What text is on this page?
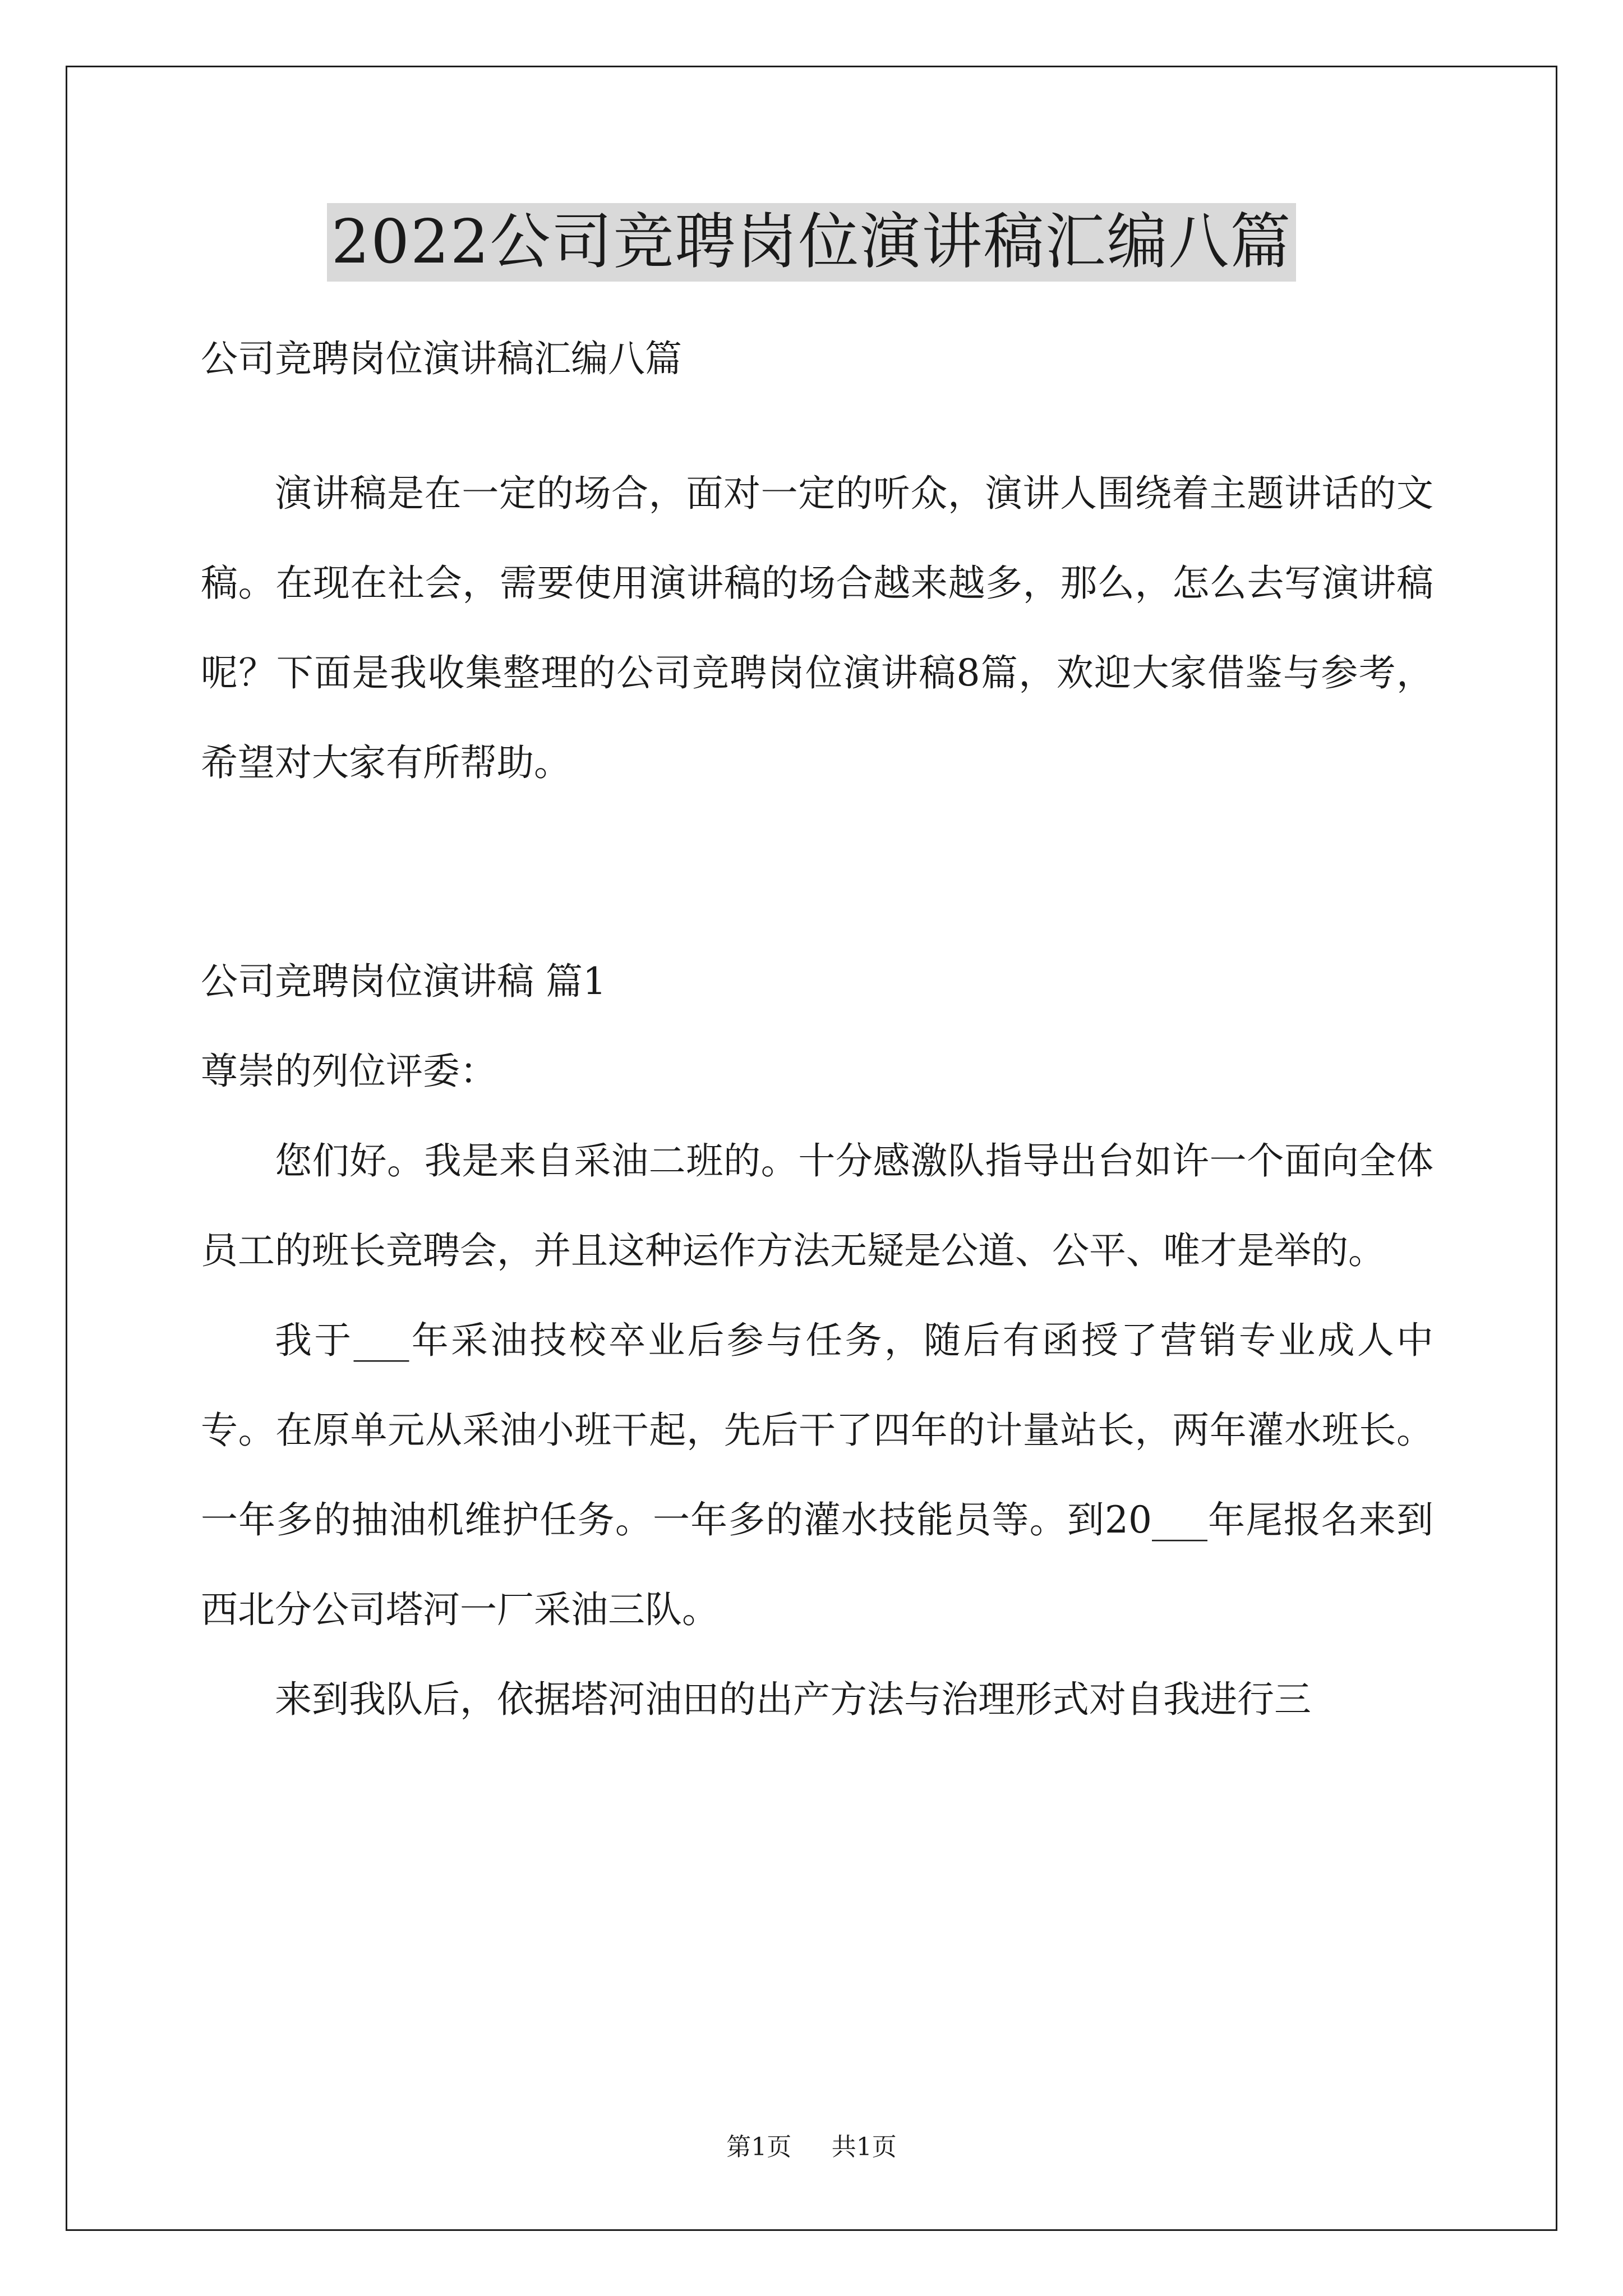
2022公司竞聘岗位演讲稿汇编八篇

公司竞聘岗位演讲稿汇编八篇

演讲稿是在一定的场合，面对一定的听众，演讲人围绕着主题讲话的文稿。在现在社会，需要使用演讲稿的场合越来越多，那么，怎么去写演讲稿呢？下面是我收集整理的公司竞聘岗位演讲稿8篇，欢迎大家借鉴与参考，希望对大家有所帮助。

公司竞聘岗位演讲稿 篇1

尊崇的列位评委：

您们好。我是来自采油二班的。十分感激队指导出台如许一个面向全体员工的班长竞聘会，并且这种运作方法无疑是公道、公平、唯才是举的。

我于___年采油技校卒业后参与任务，随后有函授了营销专业成人中专。在原单元从采油小班干起，先后干了四年的计量站长，两年灌水班长。一年多的抽油机维护任务。一年多的灌水技能员等。到20___年尾报名来到西北分公司塔河一厂采油三队。

来到我队后，依据塔河油田的出产方法与治理形式对自我进行三

第1页 共1页
